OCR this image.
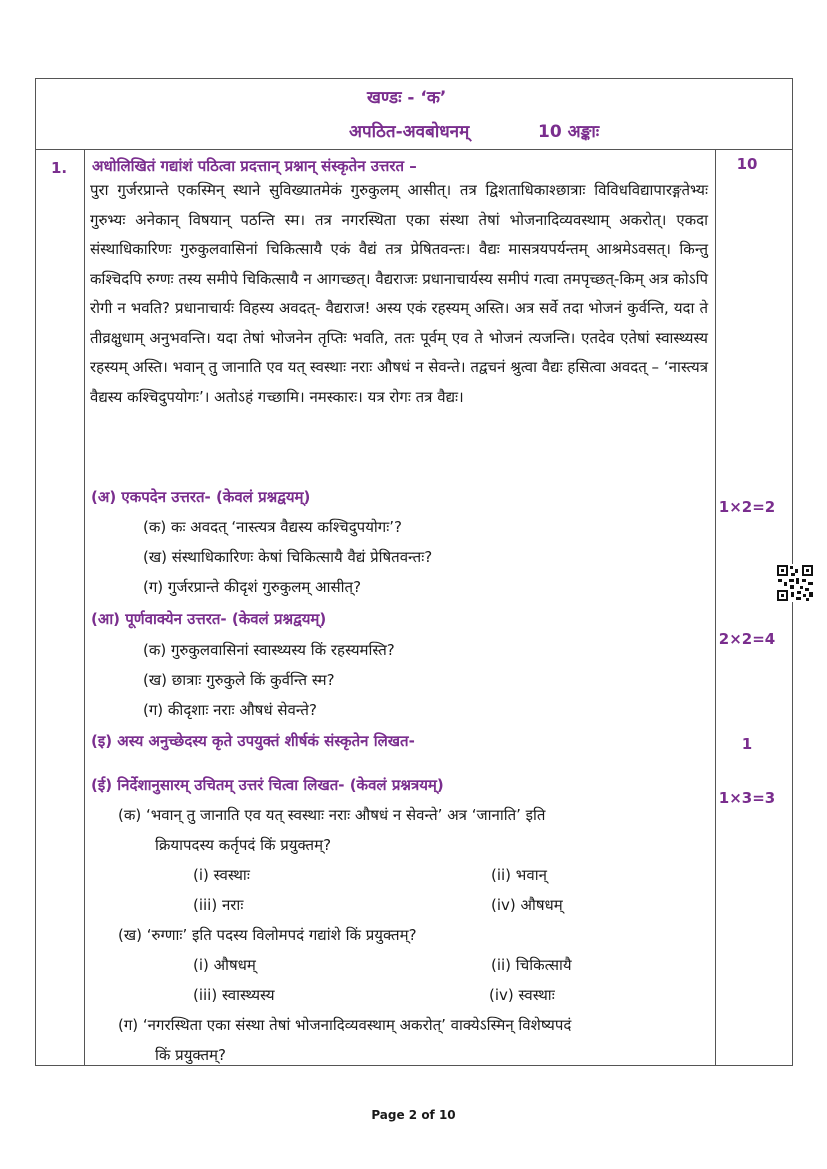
खण्डः - ‘क’
अपठित-अवबोधनम्	10 अङ्काः
1. अधोलिखितं गद्यांशं पठित्वा प्रदत्तान् प्रश्नान् संस्कृतेन उत्तरत –	10

पुरा गुर्जरप्रान्ते एकस्मिन् स्थाने सुविख्यातमेकं गुरुकुलम् आसीत्। तत्र द्विशताधिकाश्छात्राः विविधविद्यापारङ्गतेभ्यः गुरुभ्यः अनेकान् विषयान् पठन्ति स्म। तत्र नगरस्थिता एका संस्था तेषां भोजनादिव्यवस्थाम् अकरोत्। एकदा संस्थाधिकारिणः गुरुकुलवासिनां चिकित्सायै एकं वैद्यं तत्र प्रेषितवन्तः। वैद्यः मासत्रयपर्यन्तम् आश्रमेऽवसत्। किन्तु कश्चिदपि रुग्णः तस्य समीपे चिकित्सायै न आगच्छत्। वैद्यराजः प्रधानाचार्यस्य समीपं गत्वा तमपृच्छत्-किम् अत्र कोऽपि रोगी न भवति? प्रधानाचार्यः विहस्य अवदत्- वैद्यराज! अस्य एकं रहस्यम् अस्ति। अत्र सर्वे तदा भोजनं कुर्वन्ति, यदा ते तीव्रक्षुधाम् अनुभवन्ति। यदा तेषां भोजनेन तृप्तिः भवति, ततः पूर्वम् एव ते भोजनं त्यजन्ति। एतदेव एतेषां स्वास्थ्यस्य रहस्यम् अस्ति। भवान् तु जानाति एव यत् स्वस्थाः नराः औषधं न सेवन्ते। तद्वचनं श्रुत्वा वैद्यः हसित्वा अवदत् – ‘नास्त्यत्र वैद्यस्य कश्चिदुपयोगः’। अतोऽहं गच्छामि। नमस्कारः। यत्र रोगः तत्र वैद्यः।

(अ) एकपदेन उत्तरत- (केवलं प्रश्नद्वयम्)
1×2=2
(क) कः अवदत् ‘नास्त्यत्र वैद्यस्य कश्चिदुपयोगः’?
(ख) संस्थाधिकारिणः केषां चिकित्सायै वैद्यं प्रेषितवन्तः?
(ग) गुर्जरप्रान्ते कीदृशं गुरुकुलम् आसीत्?
(आ) पूर्णवाक्येन उत्तरत- (केवलं प्रश्नद्वयम्)
2×2=4
(क) गुरुकुलवासिनां स्वास्थ्यस्य किं रहस्यमस्ति?
(ख) छात्राः गुरुकुले किं कुर्वन्ति स्म?
(ग) कीदृशाः नराः औषधं सेवन्ते?
(इ) अस्य अनुच्छेदस्य कृते उपयुक्तं शीर्षकं संस्कृतेन लिखत-	1
(ई) निर्देशानुसारम् उचितम् उत्तरं चित्वा लिखत- (केवलं प्रश्नत्रयम्)
1×3=3
(क) ‘भवान् तु जानाति एव यत् स्वस्थाः नराः औषधं न सेवन्ते’ अत्र ‘जानाति’ इति
क्रियापदस्य कर्तृपदं किं प्रयुक्तम्?
(i) स्वस्थाः	(ii) भवान्
(iii) नराः	(iv) औषधम्
(ख) ‘रुग्णाः’ इति पदस्य विलोमपदं गद्यांशे किं प्रयुक्तम्?
(i) औषधम्	(ii) चिकित्सायै
(iii) स्वास्थ्यस्य	(iv) स्वस्थाः
(ग) ‘नगरस्थिता एका संस्था तेषां भोजनादिव्यवस्थाम् अकरोत्’ वाक्येऽस्मिन् विशेष्यपदं
किं प्रयुक्तम्?
Page 2 of 10
